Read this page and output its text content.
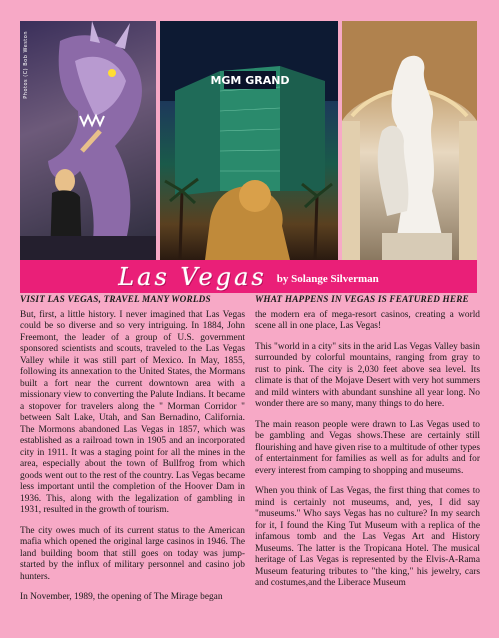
Photos (C) Bob Weston	MGM GRAND
Las Vegas by Solange Silverman
VISIT LAS VEGAS, TRAVEL MANY WORLDS

But, first, a little history. I never imagined that Las Vegas could be so diverse and so very intriguing. In 1884, John Freemont, the leader of a group of U.S. government sponsored scientists and scouts, traveled to the Las Vegas Valley while it was still part of Mexico. In May, 1855, following its annexation to the United States, the Mormans built a fort near the current downtown area with a missionary view to converting the Palute Indians. It became a stopover for travelers along the " Morman Corridor " between Salt Lake, Utah, and San Bernadino, California. The Mormons abandoned Las Vegas in 1857, which was established as a railroad town in 1905 and an incorporated city in 1911. It was a staging point for all the mines in the area, especially about the town of Bullfrog from which goods went out to the rest of the country. Las Vegas became less important until the completion of the Hoover Dam in 1936. This, along with the legalization of gambling in 1931, resulted in the growth of tourism.

The city owes much of its current status to the American mafia which opened the original large casinos in 1946. The land building boom that still goes on today was jump-started by the influx of military personnel and casino job hunters.

In November, 1989, the opening of The Mirage began

WHAT HAPPENS IN VEGAS IS FEATURED HERE

the modern era of mega-resort casinos, creating a world scene all in one place, Las Vegas!

This "world in a city" sits in the arid Las Vegas Valley basin surrounded by colorful mountains, ranging from gray to rust to pink. The city is 2,030 feet above sea level. Its climate is that of the Mojave Desert with very hot summers and mild winters with abundant sunshine all year long. No wonder there are so many, many things to do here.

The main reason people were drawn to Las Vegas used to be gambling and Vegas shows.These are certainly still flourishing and have given rise to a multitude of other types of entertainment for families as well as for adults and for every interest from camping to shopping and museums.

When you think of Las Vegas, the first thing that comes to mind is certainly not museums, and, yes, I did say "museums." Who says Vegas has no culture? In my search for it, I found the King Tut Museum with a replica of the infamous tomb and the Las Vegas Art and History Museums. The latter is the Tropicana Hotel. The musical heritage of Las Vegas is represented by the Elvis-A-Rama Museum featuring tributes to "the king," his jewelry, cars and costumes,and the Liberace Museum
